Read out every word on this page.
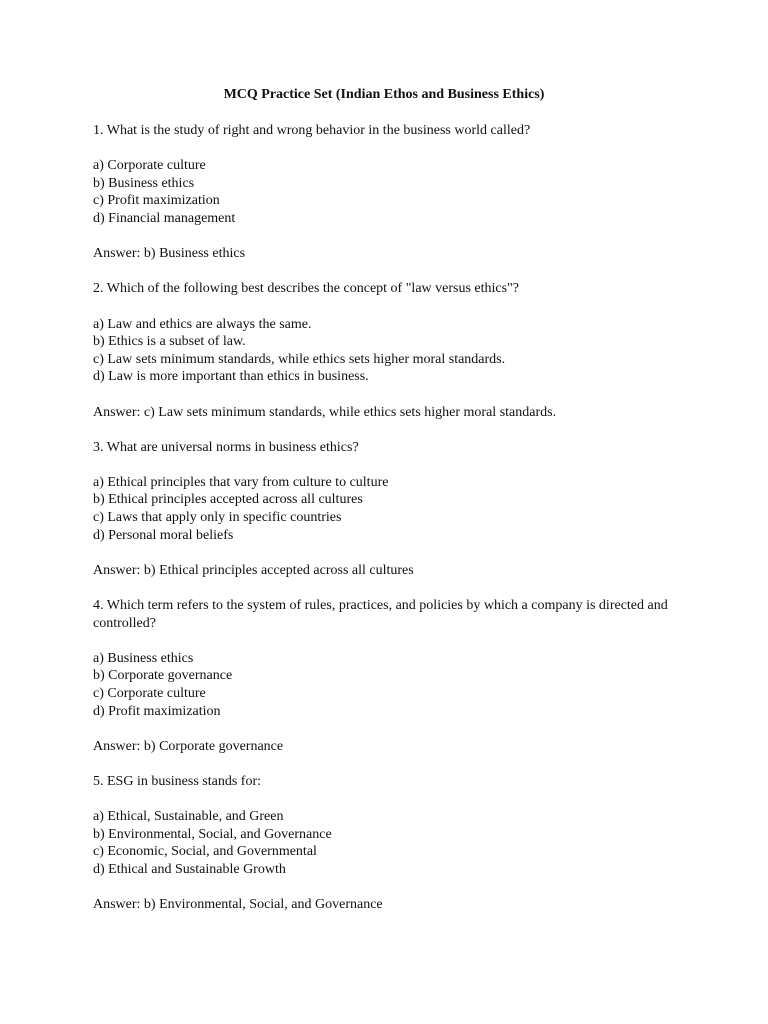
MCQ Practice Set (Indian Ethos and Business Ethics)

1. What is the study of right and wrong behavior in the business world called?

a) Corporate culture
b) Business ethics
c) Profit maximization
d) Financial management

Answer: b) Business ethics

2. Which of the following best describes the concept of "law versus ethics"?

a) Law and ethics are always the same.
b) Ethics is a subset of law.
c) Law sets minimum standards, while ethics sets higher moral standards.
d) Law is more important than ethics in business.

Answer: c) Law sets minimum standards, while ethics sets higher moral standards.

3. What are universal norms in business ethics?

a) Ethical principles that vary from culture to culture
b) Ethical principles accepted across all cultures
c) Laws that apply only in specific countries
d) Personal moral beliefs

Answer: b) Ethical principles accepted across all cultures

4. Which term refers to the system of rules, practices, and policies by which a company is directed and controlled?

a) Business ethics
b) Corporate governance
c) Corporate culture
d) Profit maximization

Answer: b) Corporate governance

5. ESG in business stands for:

a) Ethical, Sustainable, and Green
b) Environmental, Social, and Governance
c) Economic, Social, and Governmental
d) Ethical and Sustainable Growth

Answer: b) Environmental, Social, and Governance
